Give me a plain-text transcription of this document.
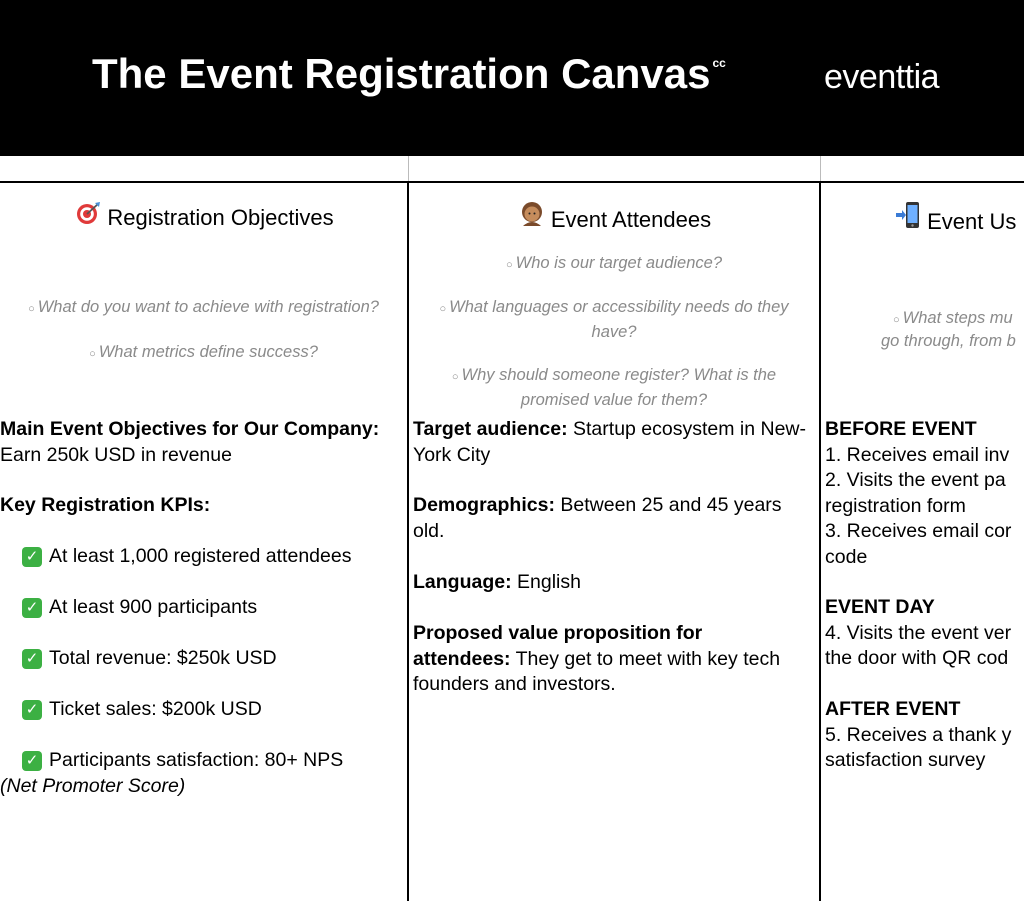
The Event Registration Canvas $^{cc}$	eventtia
Registration Objectives
○ What do you want to achieve with registration?
○ What metrics define success?
Main Event Objectives for Our Company: Earn 250k USD in revenue
Key Registration KPIs:
✓ At least 1,000 registered attendees
✓ At least 900 participants
✓ Total revenue: $250k USD
✓ Ticket sales: $200k USD
✓ Participants satisfaction: 80+ NPS
(Net Promoter Score)
Event Attendees
○ Who is our target audience?
○ What languages or accessibility needs do they have?
○ Why should someone register? What is the promised value for them?
Target audience: Startup ecosystem in New-York City
Demographics: Between 25 and 45 years old.
Language: English
Proposed value proposition for attendees: They get to meet with key tech founders and investors.
Event Us
○ What steps mu
go through, from b
BEFORE EVENT
1. Receives email inv
2. Visits the event pa
registration form
3. Receives email cor
code
EVENT DAY
4. Visits the event ver
the door with QR cod
AFTER EVENT
5. Receives a thank y
satisfaction survey
